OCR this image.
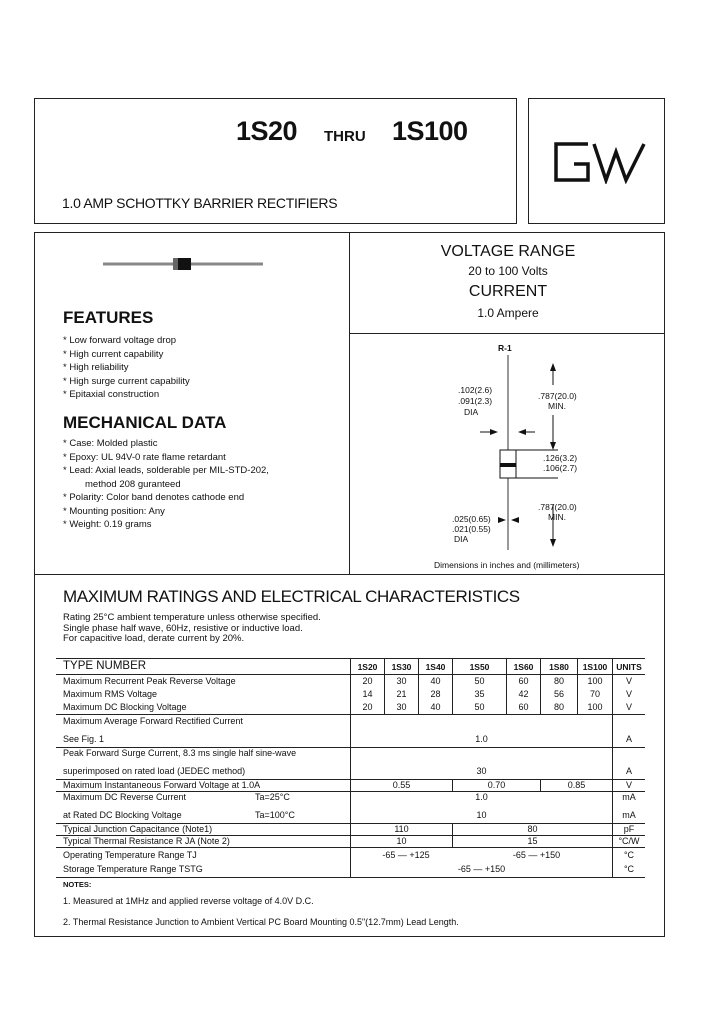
1S20 THRU 1S100
1.0 AMP SCHOTTKY BARRIER RECTIFIERS
FEATURES
* Low forward voltage drop
* High current capability
* High reliability
* High surge current capability
* Epitaxial construction
MECHANICAL DATA
* Case: Molded plastic
* Epoxy: UL 94V-0 rate flame retardant
* Lead: Axial leads, solderable per MIL-STD-202,
method 208 guranteed
* Polarity: Color band denotes cathode end
* Mounting position: Any
* Weight: 0.19 grams
VOLTAGE RANGE
20 to 100 Volts
CURRENT
1.0 Ampere
R-1
.102(2.6)
.091(2.3)
DIA
.787(20.0)
MIN.
.126(3.2)
.106(2.7)
.787(20.0)
MIN.
.025(0.65)
.021(0.55)
DIA
Dimensions in inches and (millimeters)
MAXIMUM RATINGS AND ELECTRICAL CHARACTERISTICS
Rating 25°C ambient temperature unless otherwise specified.
Single phase half wave, 60Hz, resistive or inductive load.
For capacitive load, derate current by 20%.
TYPE NUMBER	1S20	1S30	1S40	1S50	1S60	1S80	1S100	UNITS
Maximum Recurrent Peak Reverse Voltage	20	30	40	50	60	80	100	V
Maximum RMS Voltage	14	21	28	35	42	56	70	V
Maximum DC Blocking Voltage	20	30	40	50	60	80	100	V
Maximum Average Forward Rectified Current
See Fig. 1	1.0	A
Peak Forward Surge Current, 8.3 ms single half sine-wave
superimposed on rated load (JEDEC method)	30	A
Maximum Instantaneous Forward Voltage at 1.0A	0.55	0.70	0.85	V
Maximum DC Reverse Current	Ta=25°C	1.0	mA
at Rated DC Blocking Voltage	Ta=100°C	10	mA
Typical Junction Capacitance (Note1)	110	80	pF
Typical Thermal Resistance R JA (Note 2)	10	15	°C/W
Operating Temperature Range TJ	-65 — +125	-65 — +150	°C
Storage Temperature Range TSTG	-65 — +150	°C
NOTES:
1. Measured at 1MHz and applied reverse voltage of 4.0V D.C.
2. Thermal Resistance Junction to Ambient Vertical PC Board Mounting 0.5"(12.7mm) Lead Length.
